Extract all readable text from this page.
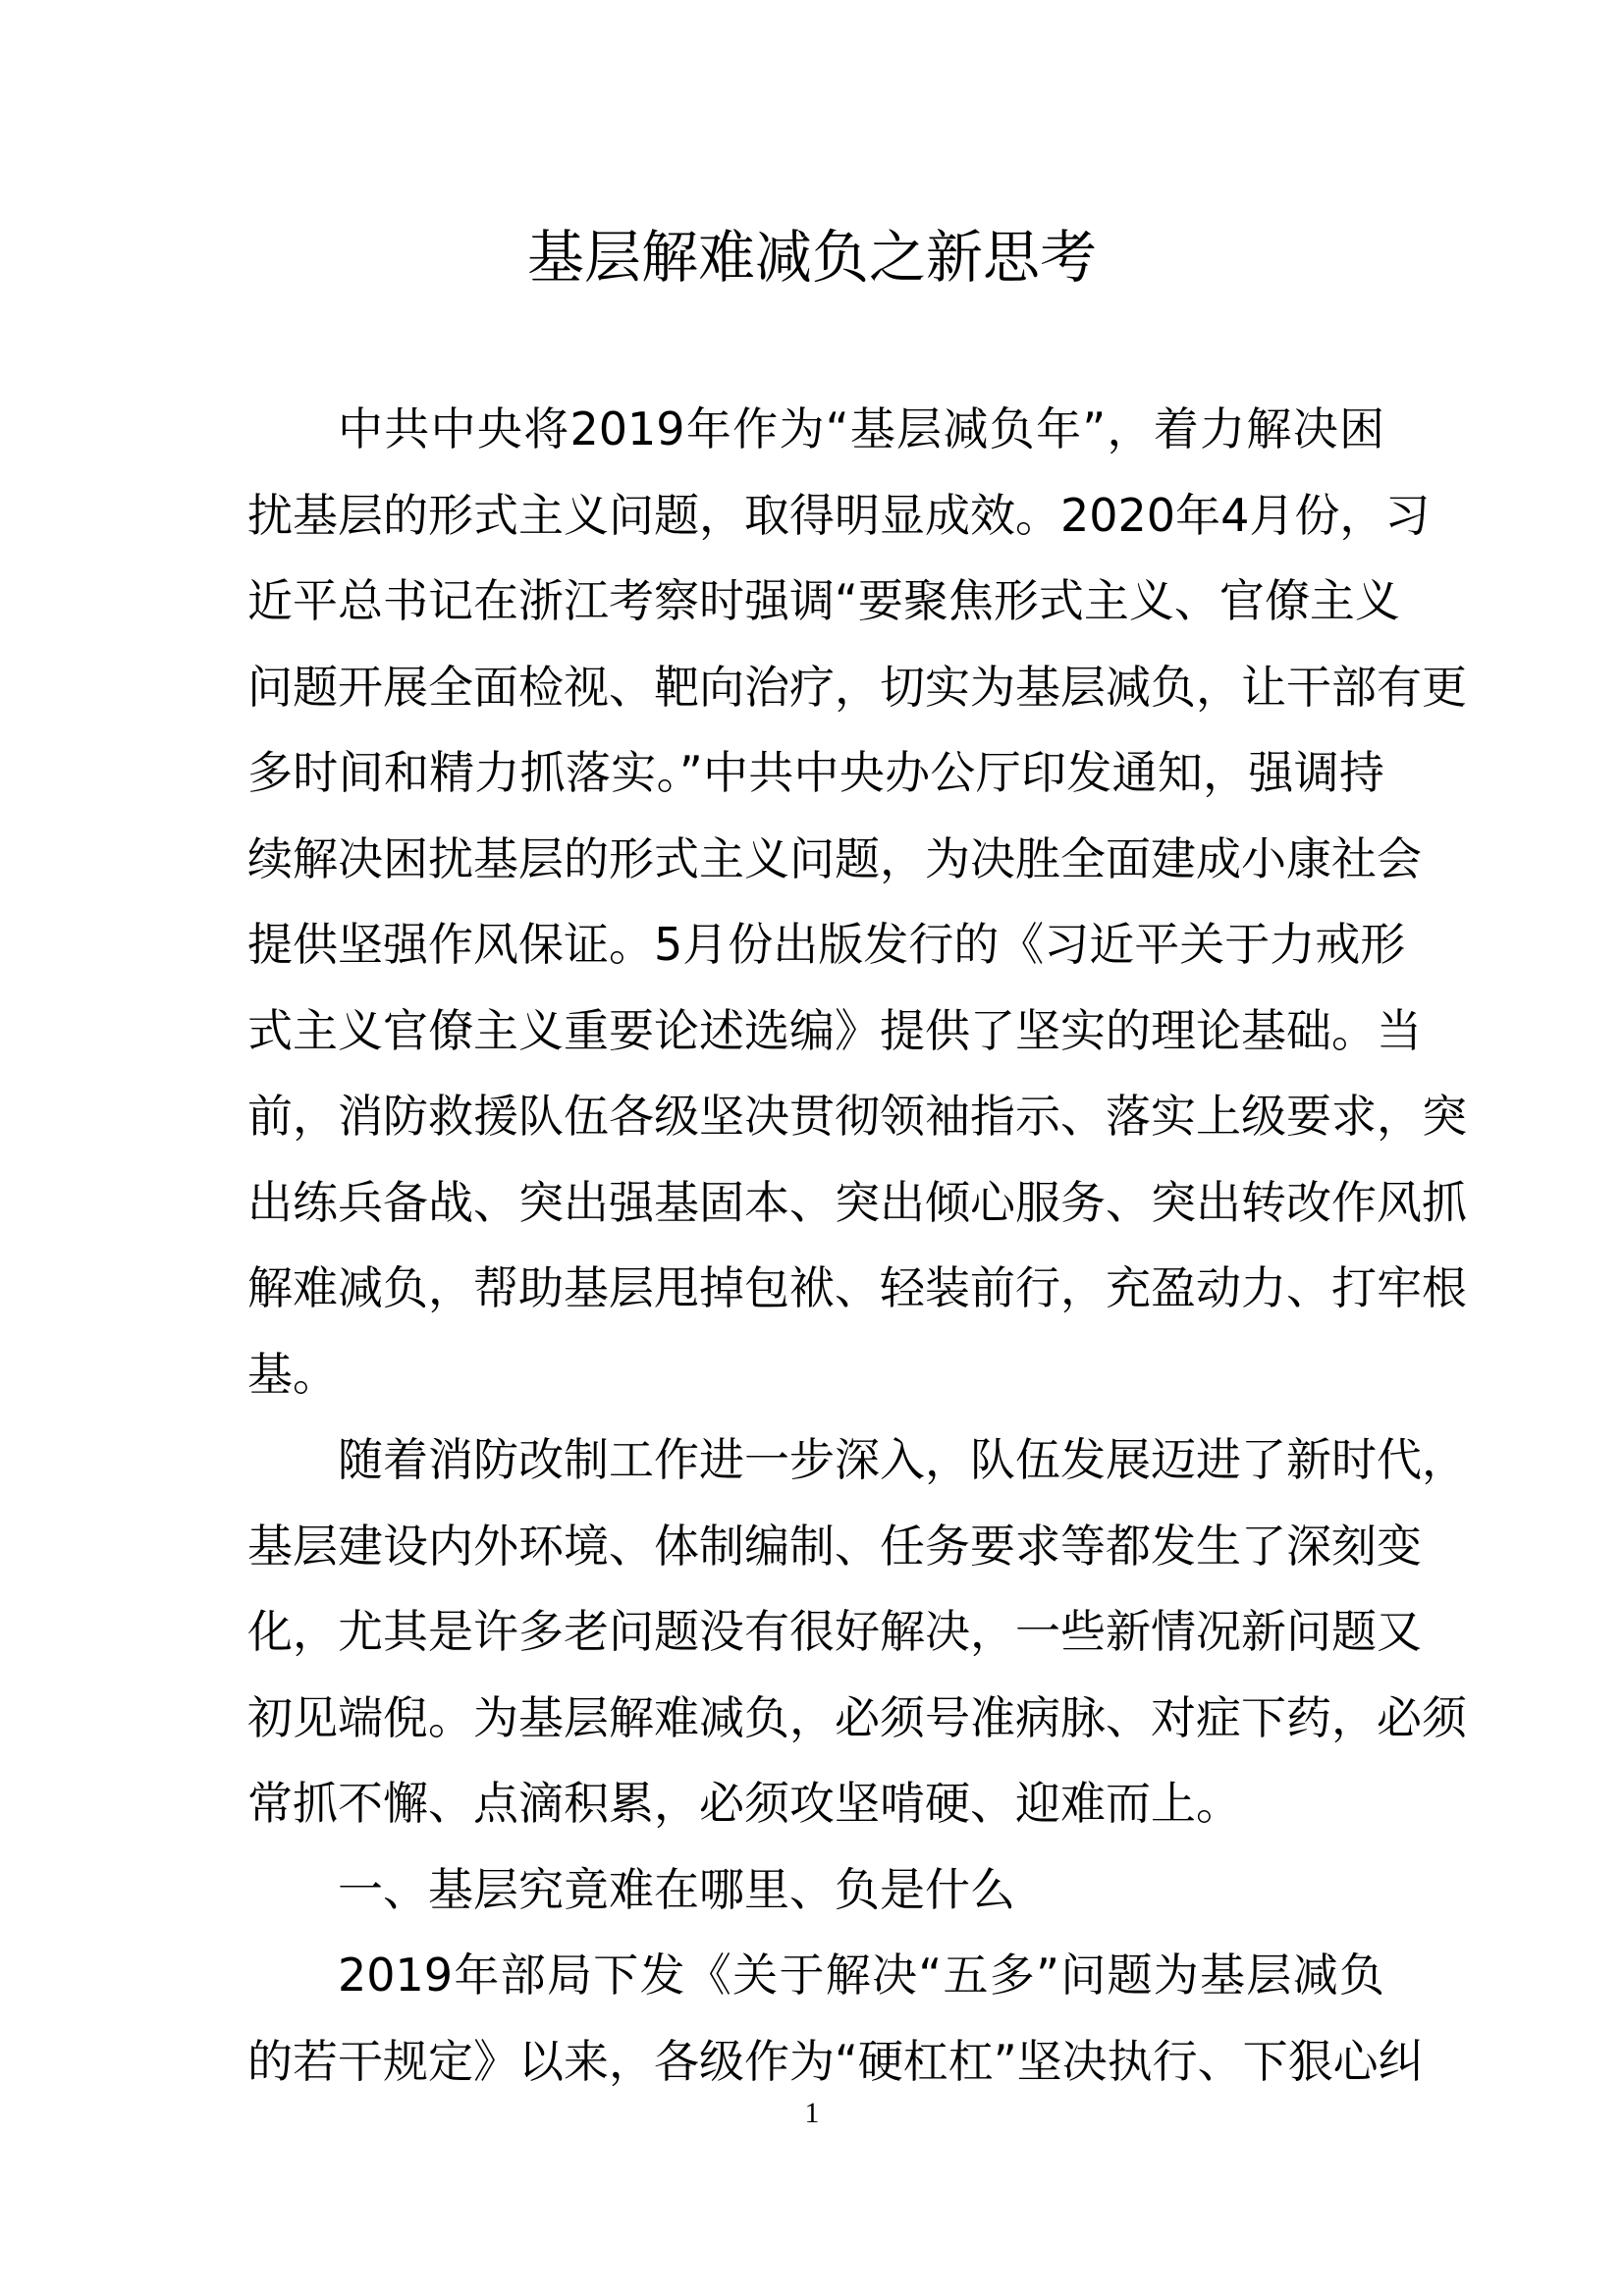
基层解难减负之新思考
中共中央将2019年作为“基层减负年”，着力解决困
扰基层的形式主义问题，取得明显成效。2020年4月份，习
近平总书记在浙江考察时强调“要聚焦形式主义、官僚主义
问题开展全面检视、靶向治疗，切实为基层减负，让干部有更
多时间和精力抓落实。”中共中央办公厅印发通知，强调持
续解决困扰基层的形式主义问题，为决胜全面建成小康社会
提供坚强作风保证。5月份出版发行的《习近平关于力戒形
式主义官僚主义重要论述选编》提供了坚实的理论基础。当
前，消防救援队伍各级坚决贯彻领袖指示、落实上级要求，突
出练兵备战、突出强基固本、突出倾心服务、突出转改作风抓
解难减负，帮助基层甩掉包袱、轻装前行，充盈动力、打牢根
基。
随着消防改制工作进一步深入，队伍发展迈进了新时代，
基层建设内外环境、体制编制、任务要求等都发生了深刻变
化，尤其是许多老问题没有很好解决，一些新情况新问题又
初见端倪。为基层解难减负，必须号准病脉、对症下药，必须
常抓不懈、点滴积累，必须攻坚啃硬、迎难而上。
一、基层究竟难在哪里、负是什么
2019年部局下发《关于解决“五多”问题为基层减负
的若干规定》以来，各级作为“硬杠杠”坚决执行、下狠心纠
1
